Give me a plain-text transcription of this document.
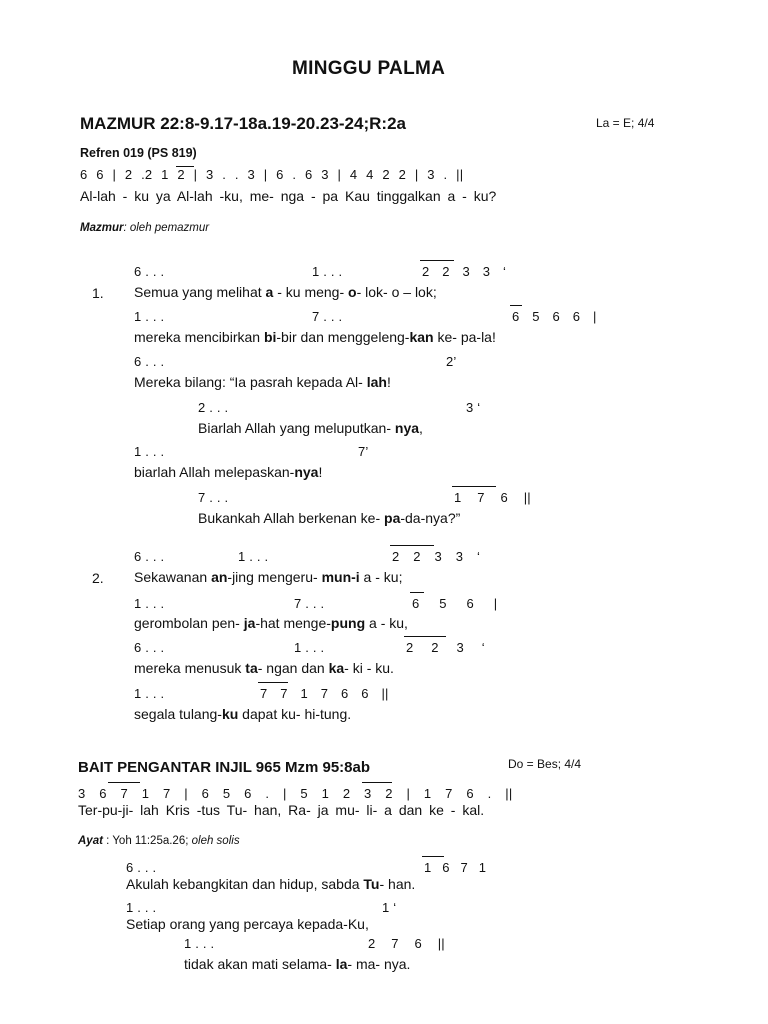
MINGGU PALMA
MAZMUR 22:8-9.17-18a.19-20.23-24;R:2a	La = E; 4/4
Refren 019 (PS 819)
6 6 | 2 .2 1 2 | 3 . . 3 | 6 . 6 3 | 4 4 2 2 | 3 . ||
Al-lah - ku ya Al-lah -ku, me- nga - pa Kau tinggalkan a - ku?
Mazmur: oleh pemazmur
1.
6 . . .	1 . . .	2 2 3 3 ‘
Semua yang melihat a - ku meng- o- lok- o – lok;
1 . . .	7 . . .	6 5 6 6 |
mereka mencibirkan bi-bir dan menggeleng-kan ke- pa-la!
6 . . .	2’
Mereka bilang: “Ia pasrah kepada Al- lah!
2 . . .	3 ‘
Biarlah Allah yang meluputkan- nya,
1 . . .	7’
biarlah Allah melepaskan-nya!
7 . . .	1 7 6 ||
Bukankah Allah berkenan ke- pa-da-nya?”
2.
6 . . .	1 . . .	2 2 3 3 ‘
Sekawanan an-jing mengeru- mun-i a - ku;
1 . . .	7 . . .	6 5 6 |
gerombolan pen- ja-hat menge-pung a - ku,
6 . . .	1 . . .	2 2 3 ‘
mereka menusuk ta- ngan dan ka- ki - ku.
1 . . .	7 7 1 7 6 6 ||
segala tulang-ku dapat ku- hi-tung.
BAIT PENGANTAR INJIL 965 Mzm 95:8ab	Do = Bes; 4/4
3 6 7 1 7 | 6 5 6 . | 5 1 2 3 2 | 1 7 6 . ||
Ter-pu-ji- lah Kris -tus Tu- han, Ra- ja mu- li- a dan ke - kal.
Ayat : Yoh 11:25a.26; oleh solis
6 . . .	1 6 7 1
Akulah kebangkitan dan hidup, sabda Tu- han.
1 . . .	1 ‘
Setiap orang yang percaya kepada-Ku,
1 . . .	2 7 6 ||
tidak akan mati selama- la- ma- nya.
